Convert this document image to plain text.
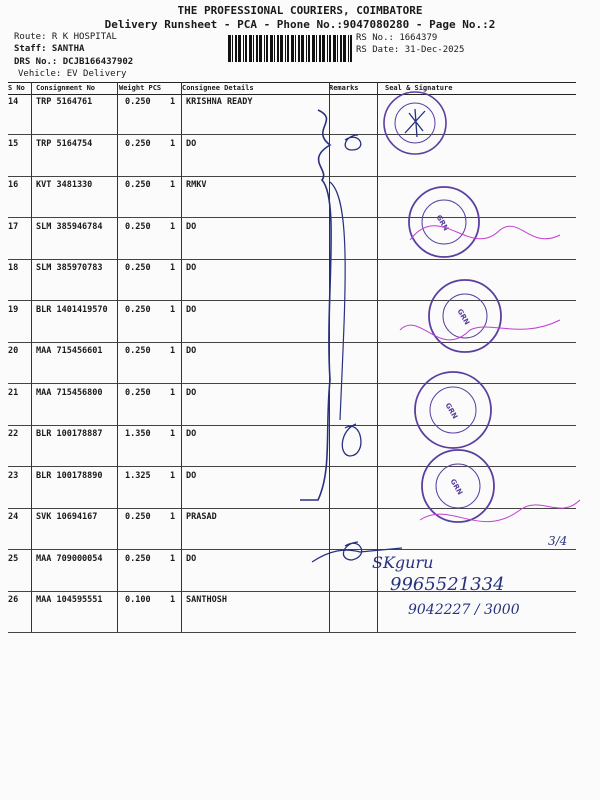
THE PROFESSIONAL COURIERS, COIMBATORE
Delivery Runsheet - PCA - Phone No.:9047080280 - Page No.:2
Route: R K HOSPITAL
Staff: SANTHA
DRS No.: DCJB166437902
Vehicle: EV Delivery
RS No.: 1664379
RS Date: 31-Dec-2025
S No Consignment No	Weight PCS	Consignee Details	Remarks	Seal & Signature
14 TRP 5164761	0.250 1 KRISHNA READY
15 TRP 5164754	0.250 1 DO
16 KVT 3481330	0.250 1 RMKV
17 SLM 385946784	0.250 1 DO
18 SLM 385970783	0.250 1 DO
19 BLR 1401419570 0.250 1 DO
20 MAA 715456601	0.250 1 DO
21 MAA 715456800	0.250 1 DO
22 BLR 100178887	1.350 1 DO
23 BLR 100178890	1.325 1 DO
24 SVK 10694167	0.250 1 PRASAD
25 MAA 709000054	0.250 1 DO
26 MAA 104595551	0.100 1 SANTHOSH
GRN
GRN
GRN
GRN
SKguru
9965521334
9042227 / 3000
3/4
